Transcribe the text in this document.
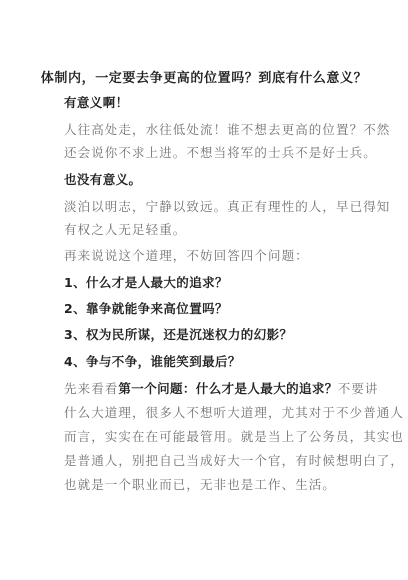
体制内，一定要去争更高的位置吗？到底有什么意义？
有意义啊！
人往高处走，水往低处流！谁不想去更高的位置？不然
还会说你不求上进。不想当将军的士兵不是好士兵。
也没有意义。
淡泊以明志，宁静以致远。真正有理性的人，早已得知
有权之人无足轻重。
再来说说这个道理，不妨回答四个问题：
1、什么才是人最大的追求？
2、靠争就能争来高位置吗？
3、权为民所谋，还是沉迷权力的幻影？
4、争与不争，谁能笑到最后？
先来看看第一个问题：什么才是人最大的追求？不要讲
什么大道理，很多人不想听大道理，尤其对于不少普通人
而言，实实在在可能最管用。就是当上了公务员，其实也
是普通人，别把自己当成好大一个官，有时候想明白了，
也就是一个职业而已，无非也是工作、生活。
